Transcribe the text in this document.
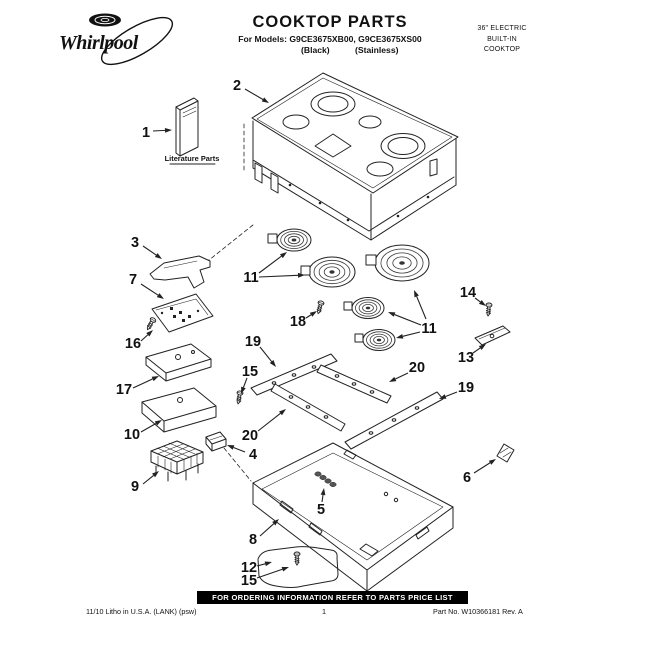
Whirlpool
COOKTOP PARTS
For Models: G9CE3675XB00, G9CE3675XS00
(Black)	(Stainless)
36" ELECTRIC
BUILT-IN
COOKTOP
Literature Parts
1
2
3
7
16
17
10
9
11
18	11
19
15	20
19
20
14
13
4
8
5
6
12
15
FOR ORDERING INFORMATION REFER TO PARTS PRICE LIST
11/10 Litho in U.S.A. (LANK) (psw)	1	Part No. W10366181 Rev. A
